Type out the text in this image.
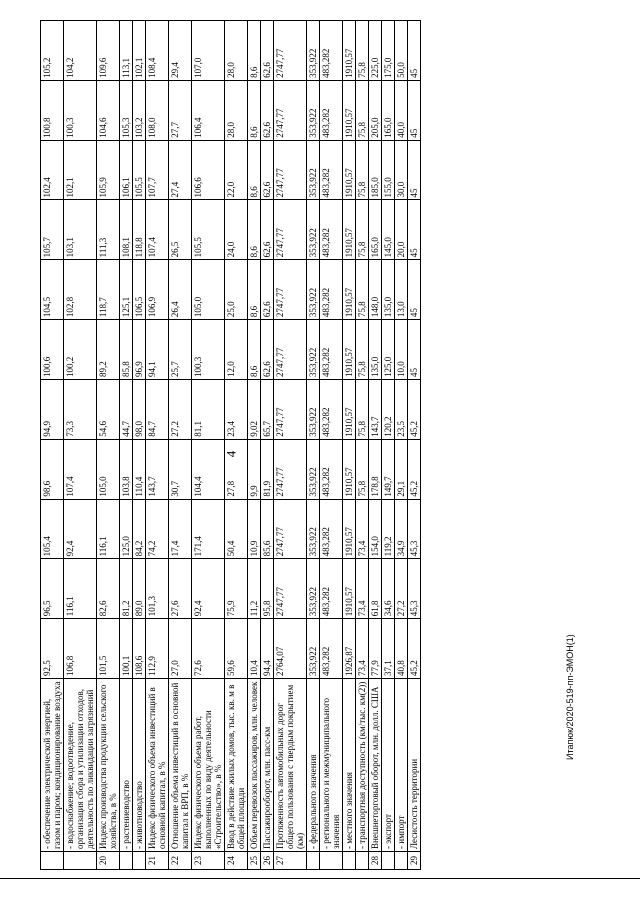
4
Итапюк/2020-519-пп-ЭМОН(1)
	- обеспечение электрической энергией, газом и паром; кондиционирование воздуха	92,5	96,5	105,4	98,6	94,9	100,6	104,5	105,7	102,4	100,8	105,2
	- водоснабжение; водоотведение, организация сбора и утилизации отходов, деятельность по ликвидации загрязнений	106,8	116,1	92,4	107,4	73,3	100,2	102,8	103,1	102,1	100,3	104,2
20	Индекс производства продукции сельского хозяйства, в %	101,5	82,6	116,1	105,0	54,6	89,2	118,7	111,3	105,9	104,6	109,6
	- растениеводство	100,1	81,2	125,0	103,8	44,7	85,8	125,1	108,1	106,1	105,3	113,1
	- животноводство	108,6	89,0	84,2	110,4	98,0	96,9	106,5	118,8	105,5	103,2	102,1
21	Индекс физического объема инвестиций в основной капитал, в %	112,9	101,3	74,2	143,7	84,7	94,1	106,9	107,4	107,7	108,0	108,4
22	Отношение объема инвестиций в основной капитал к ВРП, в %	27,0	27,6	17,4	30,7	27,2	25,7	26,4	26,5	27,4	27,7	29,4
23	Индекс физического объема работ, выполненных по виду деятельности «Строительство», в %	72,6	92,4	171,4	104,4	81,1	100,3	105,0	105,5	106,6	106,4	107,0
24	Ввод в действие жилых домов, тыс. кв. м в общей площади	59,6	75,9	50,4	27,8	23,4	12,0	25,0	24,0	22,0	28,0	28,0
25	Объем перевозок пассажиров, млн. человек	10,4	11,2	10,9	9,9	9,02	8,6	8,6	8,6	8,6	8,6	8,6
26	Пассажирооборот, млн. пасс-км	94,4	95,8	85,6	81,9	65,7	62,6	62,6	62,6	62,6	62,6	62,6
27	Протяженность автомобильных дорог общего пользования с твердым покрытием (км)	2764,07	2747,77	2747,77	2747,77	2747,77	2747,77	2747,77	2747,77	2747,77	2747,77	2747,77
	- федерального значения	353,922	353,922	353,922	353,922	353,922	353,922	353,922	353,922	353,922	353,922	353,922
	- регионального и межмуниципального значения	483,282	483,282	483,282	483,282	483,282	483,282	483,282	483,282	483,282	483,282	483,282
	- местного значения	1926,87	1910,57	1910,57	1910,57	1910,57	1910,57	1910,57	1910,57	1910,57	1910,57	1910,57
	- транспортная доступность (км/тыс. км(2))	73,4	73,4	73,4	75,8	75,8	75,8	75,8	75,8	75,8	75,8	75,8
28	Внешнеторговый оборот, млн. долл. США	77,9	61,8	154,0	178,8	143,7	135,0	148,0	165,0	185,0	205,0	225,0
	- экспорт	37,1	34,6	119,2	149,7	120,2	125,0	135,0	145,0	155,0	165,0	175,0
	- импорт	40,8	27,2	34,9	29,1	23,5	10,0	13,0	20,0	30,0	40,0	50,0
29	Лесистость территории	45,2	45,3	45,3	45,2	45,2	45	45	45	45	45	45
